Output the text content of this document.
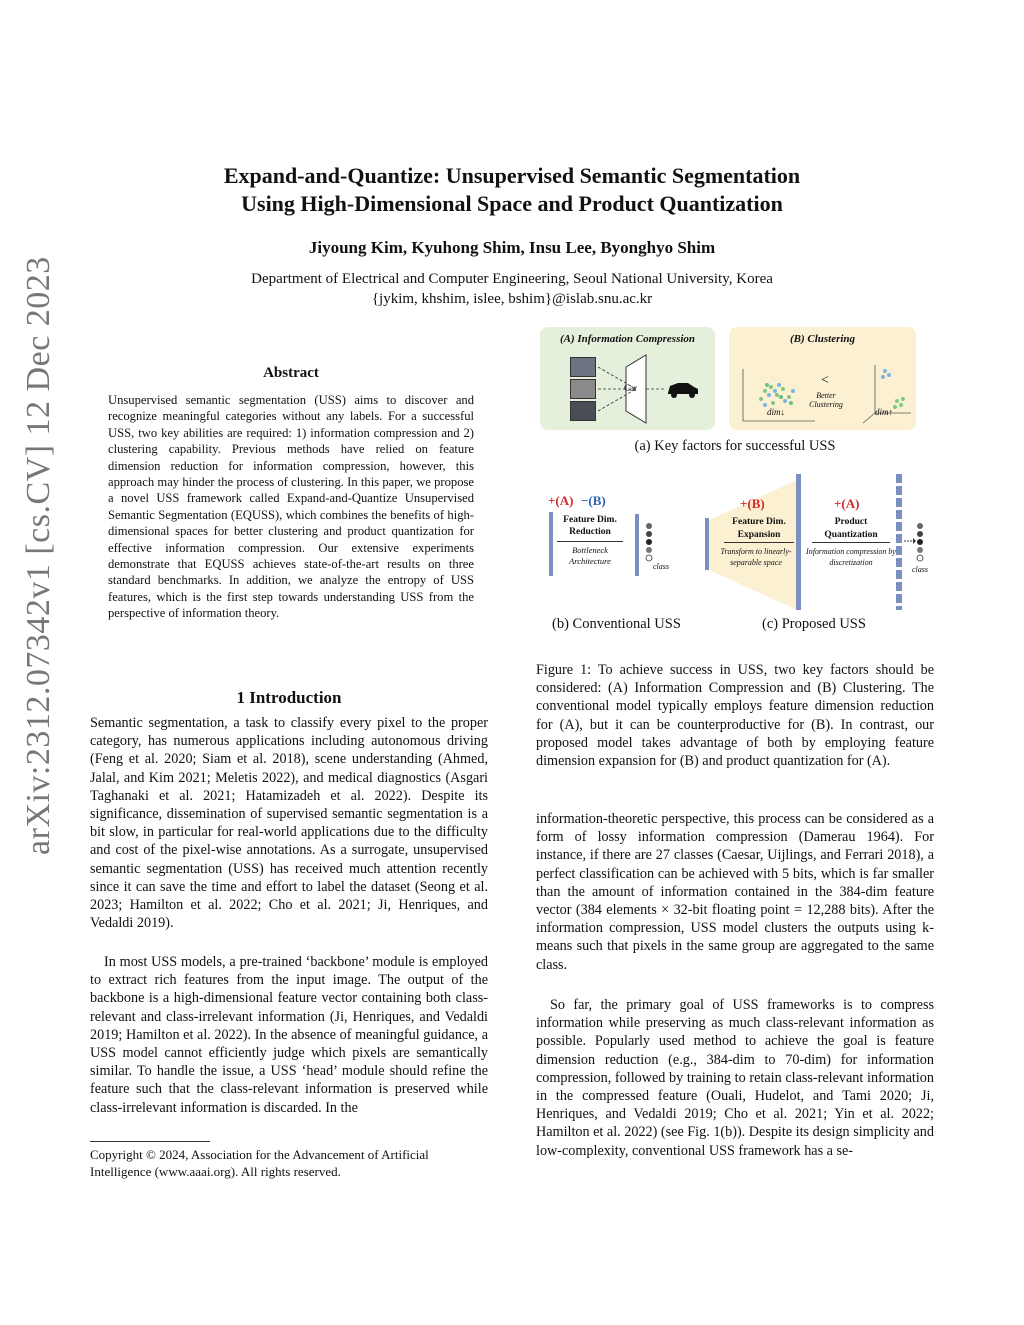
arXiv:2312.07342v1 [cs.CV] 12 Dec 2023
Expand-and-Quantize: Unsupervised Semantic Segmentation
Using High-Dimensional Space and Product Quantization
Jiyoung Kim, Kyuhong Shim, Insu Lee, Byonghyo Shim
Department of Electrical and Computer Engineering, Seoul National University, Korea
{jykim, khshim, islee, bshim}@islab.snu.ac.kr
Abstract
Unsupervised semantic segmentation (USS) aims to discover and recognize meaningful categories without any labels. For a successful USS, two key abilities are required: 1) information compression and 2) clustering capability. Previous methods have relied on feature dimension reduction for information compression, however, this approach may hinder the process of clustering. In this paper, we propose a novel USS framework called Expand-and-Quantize Unsupervised Semantic Segmentation (EQUSS), which combines the benefits of high-dimensional spaces for better clustering and product quantization for effective information compression. Our extensive experiments demonstrate that EQUSS achieves state-of-the-art results on three standard benchmarks. In addition, we analyze the entropy of USS features, which is the first step towards understanding USS from the perspective of information theory.
1 Introduction
Semantic segmentation, a task to classify every pixel to the proper category, has numerous applications including autonomous driving (Feng et al. 2020; Siam et al. 2018), scene understanding (Ahmed, Jalal, and Kim 2021; Meletis 2022), and medical diagnostics (Asgari Taghanaki et al. 2021; Hatamizadeh et al. 2022). Despite its significance, dissemination of supervised semantic segmentation is a bit slow, in particular for real-world applications due to the difficulty and cost of the pixel-wise annotations. As a surrogate, unsupervised semantic segmentation (USS) has received much attention recently since it can save the time and effort to label the dataset (Seong et al. 2023; Hamilton et al. 2022; Cho et al. 2021; Ji, Henriques, and Vedaldi 2019).
In most USS models, a pre-trained ‘backbone’ module is employed to extract rich features from the input image. The output of the backbone is a high-dimensional feature vector containing both class-relevant and class-irrelevant information (Ji, Henriques, and Vedaldi 2019; Hamilton et al. 2022). In the absence of meaningful guidance, a USS model cannot efficiently judge which pixels are semantically similar. To handle the issue, a USS ‘head’ module should refine the feature such that the class-relevant information is preserved while class-irrelevant information is discarded. In the
Copyright © 2024, Association for the Advancement of Artificial Intelligence (www.aaai.org). All rights reserved.
(A) Information Compression
Car
(B) Clustering
<
Better Clustering
dim↓	dim↑
(a) Key factors for successful USS
+(A) −(B)
Feature Dim. Reduction
Bottleneck Architecture
class
+(B)
Feature Dim. Expansion
Transform to linearly-separable space
+(A)
Product Quantization
Information compression by discretization
class
(b) Conventional USS	(c) Proposed USS
Figure 1: To achieve success in USS, two key factors should be considered: (A) Information Compression and (B) Clustering. The conventional model typically employs feature dimension reduction for (A), but it can be counterproductive for (B). In contrast, our proposed model takes advantage of both by employing feature dimension expansion for (B) and product quantization for (A).
information-theoretic perspective, this process can be considered as a form of lossy information compression (Damerau 1964). For instance, if there are 27 classes (Caesar, Uijlings, and Ferrari 2018), a perfect classification can be achieved with 5 bits, which is far smaller than the amount of information contained in the 384-dim feature vector (384 elements × 32-bit floating point = 12,288 bits). After the information compression, USS model clusters the outputs using k-means such that pixels in the same group are aggregated to the same class.
So far, the primary goal of USS frameworks is to compress information while preserving as much class-relevant information as possible. Popularly used method to achieve the goal is feature dimension reduction (e.g., 384-dim to 70-dim) for information compression, followed by training to retain class-relevant information in the compressed feature (Ouali, Hudelot, and Tami 2020; Ji, Henriques, and Vedaldi 2019; Cho et al. 2021; Yin et al. 2022; Hamilton et al. 2022) (see Fig. 1(b)). Despite its design simplicity and low-complexity, conventional USS framework has a se-
